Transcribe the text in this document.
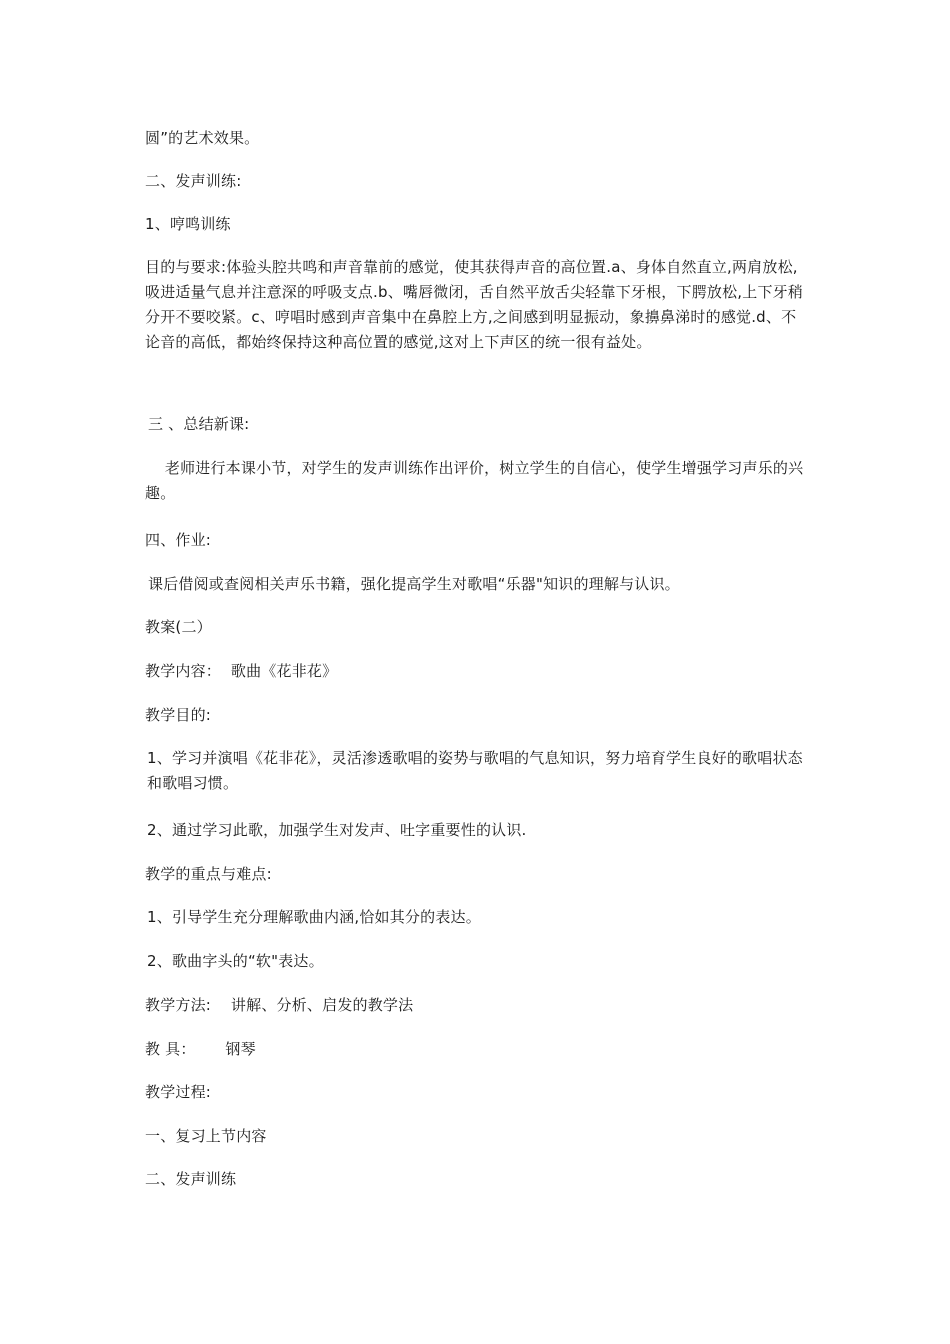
圆”的艺术效果。

二、发声训练:

1、哼鸣训练

目的与要求:体验头腔共鸣和声音靠前的感觉，使其获得声音的高位置.a、身体自然直立,两肩放松,吸进适量气息并注意深的呼吸支点.b、嘴唇微闭，舌自然平放舌尖轻靠下牙根，下腭放松,上下牙稍分开不要咬紧。c、哼唱时感到声音集中在鼻腔上方,之间感到明显振动，象擤鼻涕时的感觉.d、不论音的高低，都始终保持这种高位置的感觉,这对上下声区的统一很有益处。

三 、总结新课:

老师进行本课小节，对学生的发声训练作出评价，树立学生的自信心，使学生增强学习声乐的兴趣。

四、作业:

课后借阅或查阅相关声乐书籍，强化提高学生对歌唱“乐器"知识的理解与认识。

教案(二）

教学内容：  歌曲《花非花》

教学目的:

1、学习并演唱《花非花》，灵活渗透歌唱的姿势与歌唱的气息知识，努力培育学生良好的歌唱状态和歌唱习惯。

2、通过学习此歌，加强学生对发声、吐字重要性的认识.

教学的重点与难点:

1、引导学生充分理解歌曲内涵,恰如其分的表达。

2、歌曲字头的“软"表达。

教学方法:    讲解、分析、启发的教学法

教 具：      钢琴

教学过程:

一、复习上节内容

二、发声训练
